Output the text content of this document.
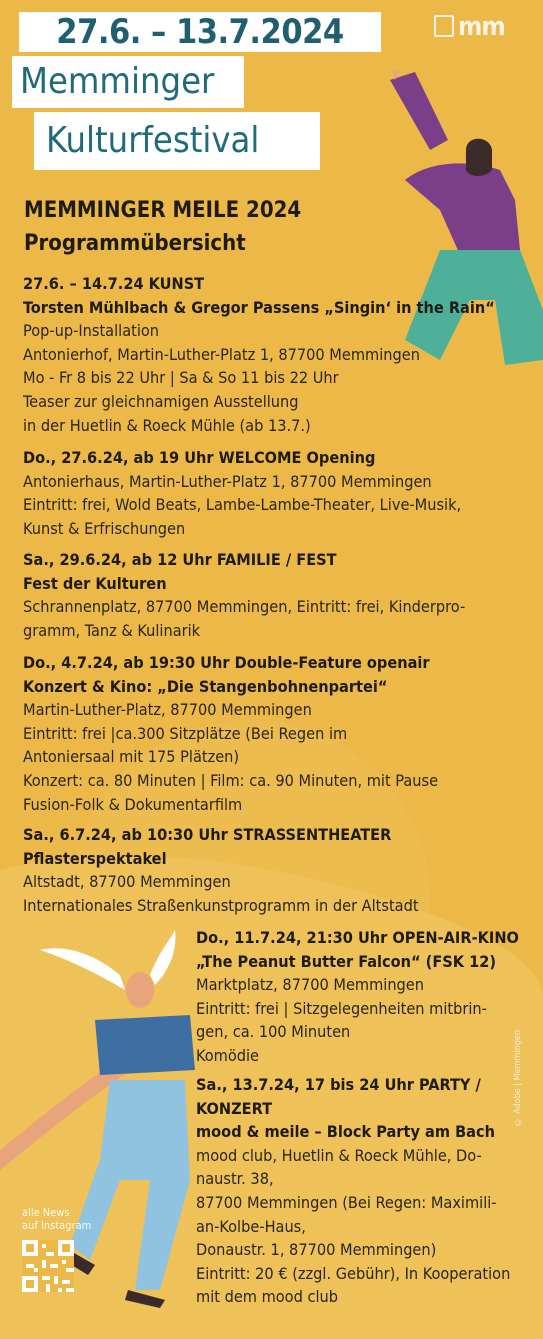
27.6. – 13.7.2024
Memminger
Kulturfestival
mm
MEMMINGER MEILE 2024
Programmübersicht
27.6. – 14.7.24 KUNST
Torsten Mühlbach & Gregor Passens „Singin‘ in the Rain“
Pop-up-Installation
Antonierhof, Martin-Luther-Platz 1, 87700 Memmingen
Mo - Fr 8 bis 22 Uhr | Sa & So 11 bis 22 Uhr
Teaser zur gleichnamigen Ausstellung
in der Huetlin & Roeck Mühle (ab 13.7.)
Do., 27.6.24, ab 19 Uhr WELCOME Opening
Antonierhaus, Martin-Luther-Platz 1, 87700 Memmingen
Eintritt: frei, Wold Beats, Lambe-Lambe-Theater, Live-Musik,
Kunst & Erfrischungen
Sa., 29.6.24, ab 12 Uhr FAMILIE / FEST
Fest der Kulturen
Schrannenplatz, 87700 Memmingen, Eintritt: frei, Kinderpro-
gramm, Tanz & Kulinarik
Do., 4.7.24, ab 19:30 Uhr Double-Feature openair
Konzert & Kino: „Die Stangenbohnenpartei“
Martin-Luther-Platz, 87700 Memmingen
Eintritt: frei |ca.300 Sitzplätze (Bei Regen im
Antoniersaal mit 175 Plätzen)
Konzert: ca. 80 Minuten | Film: ca. 90 Minuten, mit Pause
Fusion-Folk & Dokumentarfilm
Sa., 6.7.24, ab 10:30 Uhr STRASSENTHEATER
Pflasterspektakel
Altstadt, 87700 Memmingen
Internationales Straßenkunstprogramm in der Altstadt
Do., 11.7.24, 21:30 Uhr OPEN-AIR-KINO
„The Peanut Butter Falcon“ (FSK 12)
Marktplatz, 87700 Memmingen
Eintritt: frei | Sitzgelegenheiten mitbrin-
gen, ca. 100 Minuten
Komödie
Sa., 13.7.24, 17 bis 24 Uhr PARTY /
KONZERT
mood & meile – Block Party am Bach
mood club, Huetlin & Roeck Mühle, Do-
naustr. 38,
87700 Memmingen (Bei Regen: Maximili-
an-Kolbe-Haus,
Donaustr. 1, 87700 Memmingen)
Eintritt: 20 € (zzgl. Gebühr), In Kooperation
mit dem mood club
alle News
auf Instagram
© Adobe | Memmingen
